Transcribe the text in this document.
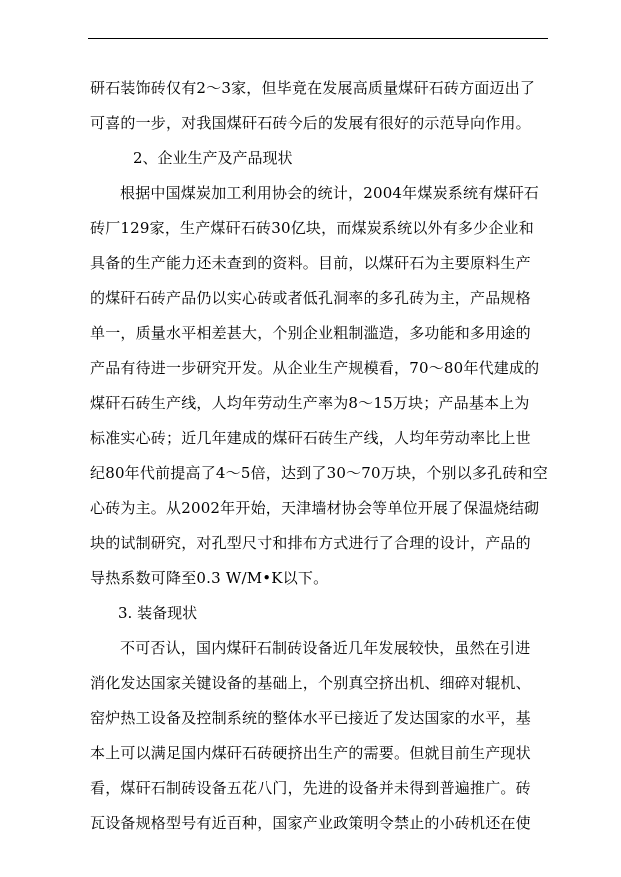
研石装饰砖仅有2～3家，但毕竟在发展高质量煤矸石砖方面迈出了
可喜的一步，对我国煤矸石砖今后的发展有很好的示范导向作用。
2、企业生产及产品现状
根据中国煤炭加工利用协会的统计，2004年煤炭系统有煤矸石
砖厂129家，生产煤矸石砖30亿块，而煤炭系统以外有多少企业和
具备的生产能力还未查到的资料。目前，以煤矸石为主要原料生产
的煤矸石砖产品仍以实心砖或者低孔洞率的多孔砖为主，产品规格
单一，质量水平相差甚大，个别企业粗制滥造，多功能和多用途的
产品有待进一步研究开发。从企业生产规模看，70～80年代建成的
煤矸石砖生产线，人均年劳动生产率为8～15万块；产品基本上为
标准实心砖；近几年建成的煤矸石砖生产线，人均年劳动率比上世
纪80年代前提高了4～5倍，达到了30～70万块，个别以多孔砖和空
心砖为主。从2002年开始，天津墙材协会等单位开展了保温烧结砌
块的试制研究，对孔型尺寸和排布方式进行了合理的设计，产品的
导热系数可降至0.3 W/M•K以下。
3. 装备现状
不可否认，国内煤矸石制砖设备近几年发展较快，虽然在引进
消化发达国家关键设备的基础上，个别真空挤出机、细碎对辊机、
窑炉热工设备及控制系统的整体水平已接近了发达国家的水平，基
本上可以满足国内煤矸石砖硬挤出生产的需要。但就目前生产现状
看，煤矸石制砖设备五花八门，先进的设备并未得到普遍推广。砖
瓦设备规格型号有近百种，国家产业政策明令禁止的小砖机还在使
